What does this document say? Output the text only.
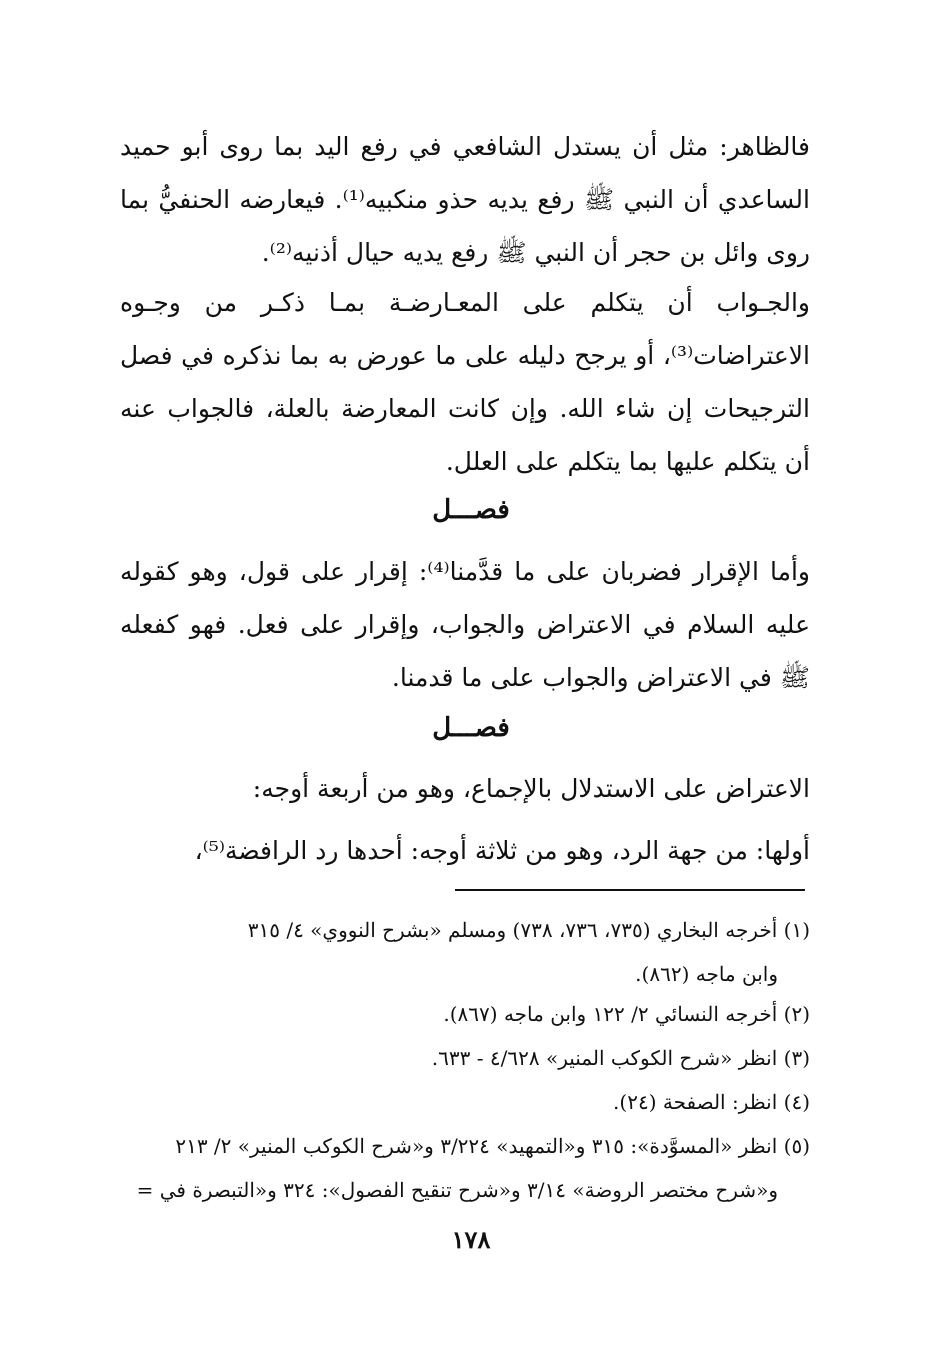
فالظاهر: مثل أن يستدل الشافعي في رفع اليد بما روى أبو حميد الساعدي أن النبي ﷺ رفع يديه حذو منكبيه⁽¹⁾. فيعارضه الحنفيُّ بما روى وائل بن حجر أن النبي ﷺ رفع يديه حيال أذنيه⁽²⁾.

والجـواب أن يتكلم على المعـارضـة بمـا ذكـر من وجـوه الاعتراضات⁽³⁾، أو يرجح دليله على ما عورض به بما نذكره في فصل الترجيحات إن شاء الله. وإن كانت المعارضة بالعلة، فالجواب عنه أن يتكلم عليها بما يتكلم على العلل.

فصـــل

وأما الإقرار فضربان على ما قدَّمنا⁽⁴⁾: إقرار على قول، وهو كقوله عليه السلام في الاعتراض والجواب، وإقرار على فعل. فهو كفعله ﷺ في الاعتراض والجواب على ما قدمنا.

فصـــل

الاعتراض على الاستدلال بالإجماع، وهو من أربعة أوجه:

أولها: من جهة الرد، وهو من ثلاثة أوجه: أحدها رد الرافضة⁽⁵⁾،

(١) أخرجه البخاري (٧٣٥، ٧٣٦، ٧٣٨) ومسلم «بشرح النووي» ٤/ ٣١٥

وابن ماجه (٨٦٢).

(٢) أخرجه النسائي ٢/ ١٢٢ وابن ماجه (٨٦٧).

(٣) انظر «شرح الكوكب المنير» ٤/٦٢٨ - ٦٣٣.

(٤) انظر: الصفحة (٢٤).

(٥) انظر «المسوَّدة»: ٣١٥ و«التمهيد» ٣/٢٢٤ و«شرح الكوكب المنير» ٢/ ٢١٣

و«شرح مختصر الروضة» ٣/١٤ و«شرح تنقيح الفصول»: ٣٢٤ و«التبصرة في =

١٧٨
